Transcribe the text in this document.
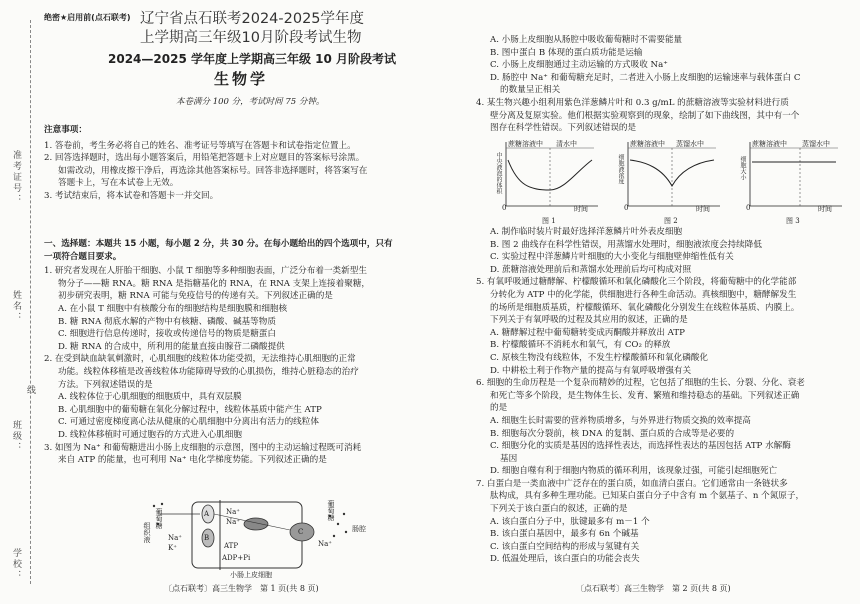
准考证号：
姓名：
线
班级：
学校：
绝密★启用前(点石联考)
2024—2025 学年度上学期高三年级 10 月阶段考试
生物学
本卷满分 100 分，考试时间 75 分钟。

注意事项：

1. 答卷前，考生务必将自己的姓名、准考证号等填写在答题卡和试卷指定位置上。

2. 回答选择题时，选出每小题答案后，用铅笔把答题卡上对应题目的答案标号涂黑。

如需改动，用橡皮擦干净后，再选涂其他答案标号。回答非选择题时，将答案写在

答题卡上，写在本试卷上无效。

3. 考试结束后，将本试卷和答题卡一并交回。

一、选择题：本题共 15 小题，每小题 2 分，共 30 分。在每小题给出的四个选项中，只有

一项符合题目要求。

1. 研究者发现在人肝胎干细胞、小鼠 T 细胞等多种细胞表面，广泛分布着一类新型生

物分子——糖 RNA。糖 RNA 是指糖基化的 RNA，在 RNA 支架上连接着聚糖，

初步研究表明，糖 RNA 可能与免疫信号的传递有关。下列叙述正确的是

A. 在小鼠 T 细胞中有核酸分布的细胞结构是细胞膜和细胞核

B. 糖 RNA 彻底水解的产物中有核糖、磷酸、碱基等物质

C. 细胞进行信息传递时，接收或传递信号的物质是糖蛋白

D. 糖 RNA 的合成中，所利用的能量直接由腺苷二磷酸提供

2. 在受到缺血缺氧刺激时，心肌细胞的线粒体功能受损，无法维持心肌细胞的正常

功能。线粒体移植是改善线粒体功能障碍导致的心肌损伤，维持心脏稳态的治疗

方法。下列叙述错误的是

A. 线粒体位于心肌细胞的细胞质中，具有双层膜

B. 心肌细胞中的葡萄糖在氧化分解过程中，线粒体基质中能产生 ATP

C. 可通过密度梯度离心法从健康的心肌细胞中分离出有活力的线粒体

D. 线粒体移植时可通过胞吞的方式进入心肌细胞

3. 如图为 Na⁺ 和葡萄糖进出小肠上皮细胞的示意图，图中的主动运输过程既可消耗

来自 ATP 的能量，也可利用 Na⁺ 电化学梯度势能。下列叙述正确的是

葡萄糖
组织液 Na⁺
K⁺
Na⁺
Na⁺
A
B
C
ATP
ADP+Pi
Na⁺
葡萄糖
肠腔
小肠上皮细胞
〔点石联考〕高三生物学　第 1 页(共 8 页)
辽宁省点石联考2024-2025学年度
上学期高三年级10月阶段考试生物	A. 小肠上皮细胞从肠腔中吸收葡萄糖时不需要能量

B. 图中蛋白 B 体现的蛋白质功能是运输

C. 小肠上皮细胞通过主动运输的方式吸收 Na⁺

D. 肠腔中 Na⁺ 和葡萄糖充足时，二者进入小肠上皮细胞的运输速率与载体蛋白 C

的数量呈正相关

4. 某生物兴趣小组利用紫色洋葱鳞片叶和 0.3 g/mL 的蔗糖溶液等实验材料进行质

壁分离及复原实验。他们根据实验观察到的现象，绘制了如下曲线图，其中有一个

图存在科学性错误。下列叙述错误的是

蔗糖溶液中 清水中
中央液泡的体积
时间
0
图 1
蔗糖溶液中 蒸馏水中
细胞液浓度
时间
0
图 2
蔗糖溶液中 蒸馏水中
细胞大小
时间
0
图 3

A. 制作临时装片时最好选择洋葱鳞片叶外表皮细胞

B. 图 2 曲线存在科学性错误，用蒸馏水处理时，细胞液浓度会持续降低

C. 实验过程中洋葱鳞片叶细胞的大小变化与细胞壁伸缩性低有关

D. 蔗糖溶液处理前后和蒸馏水处理前后均可构成对照

5. 有氧呼吸通过糖酵解、柠檬酸循环和氧化磷酸化三个阶段，将葡萄糖中的化学能部

分转化为 ATP 中的化学能，供细胞进行各种生命活动。真核细胞中，糖酵解发生

的场所是细胞质基质，柠檬酸循环、氧化磷酸化分别发生在线粒体基质、内膜上。

下列关于有氧呼吸的过程及其应用的叙述，正确的是

A. 糖酵解过程中葡萄糖转变成丙酮酸并释放出 ATP

B. 柠檬酸循环不消耗水和氧气，有 CO₂ 的释放

C. 原核生物没有线粒体，不发生柠檬酸循环和氧化磷酸化

D. 中耕松土利于作物产量的提高与有氧呼吸增强有关

6. 细胞的生命历程是一个复杂而精妙的过程，它包括了细胞的生长、分裂、分化、衰老

和死亡等多个阶段，是生物体生长、发育、繁殖和维持稳态的基础。下列叙述正确

的是

A. 细胞生长时需要的营养物质增多，与外界进行物质交换的效率提高

B. 细胞每次分裂前，核 DNA 的复制、蛋白质的合成等是必要的

C. 细胞分化的实质是基因的选择性表达，而选择性表达的基因包括 ATP 水解酶

基因

D. 细胞自噬有利于细胞内物质的循环利用，该现象过强，可能引起细胞死亡

7. 白蛋白是一类血液中广泛存在的蛋白质，如血清白蛋白。它们通常由一条链状多

肽构成，具有多种生理功能。已知某白蛋白分子中含有 m 个氨基子、n 个氮原子，

下列关于该白蛋白的叙述，正确的是

A. 该白蛋白分子中，肽键最多有 m－1 个

B. 该白蛋白基因中，最多有 6n 个碱基

C. 该白蛋白空间结构的形成与氢键有关

D. 低温处理后，该白蛋白的功能会丧失

〔点石联考〕高三生物学　第 2 页(共 8 页)
